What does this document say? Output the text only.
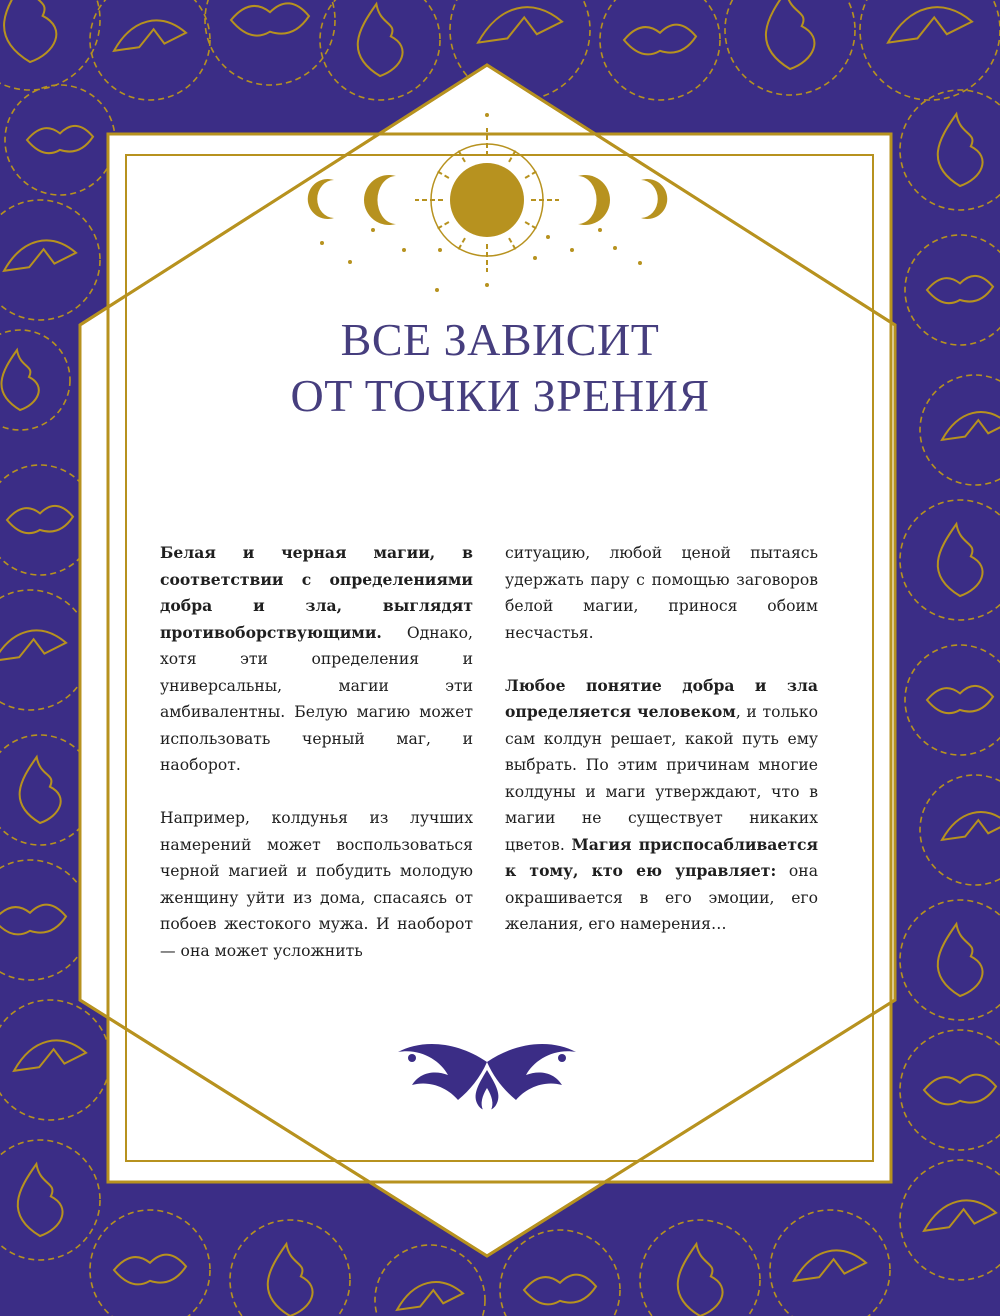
ВСЕ ЗАВИСИТ
ОТ ТОЧКИ ЗРЕНИЯ

Белая и черная магии, в соответствии с определениями добра и зла, выглядят противоборствующими. Однако, хотя эти определения и универсальны, магии эти амбивалентны. Белую магию может использовать черный маг, и наоборот.

Например, колдунья из лучших намерений может воспользоваться черной магией и побудить молодую женщину уйти из дома, спасаясь от побоев жестокого мужа. И наоборот — она может усложнить

ситуацию, любой ценой пытаясь удержать пару с помощью заговоров белой магии, принося обоим несчастья.

Любое понятие добра и зла определяется человеком, и только сам колдун решает, какой путь ему выбрать. По этим причинам многие колдуны и маги утверждают, что в магии не существует никаких цветов. Магия приспосабливается к тому, кто ею управляет: она окрашивается в его эмоции, его желания, его намерения…
